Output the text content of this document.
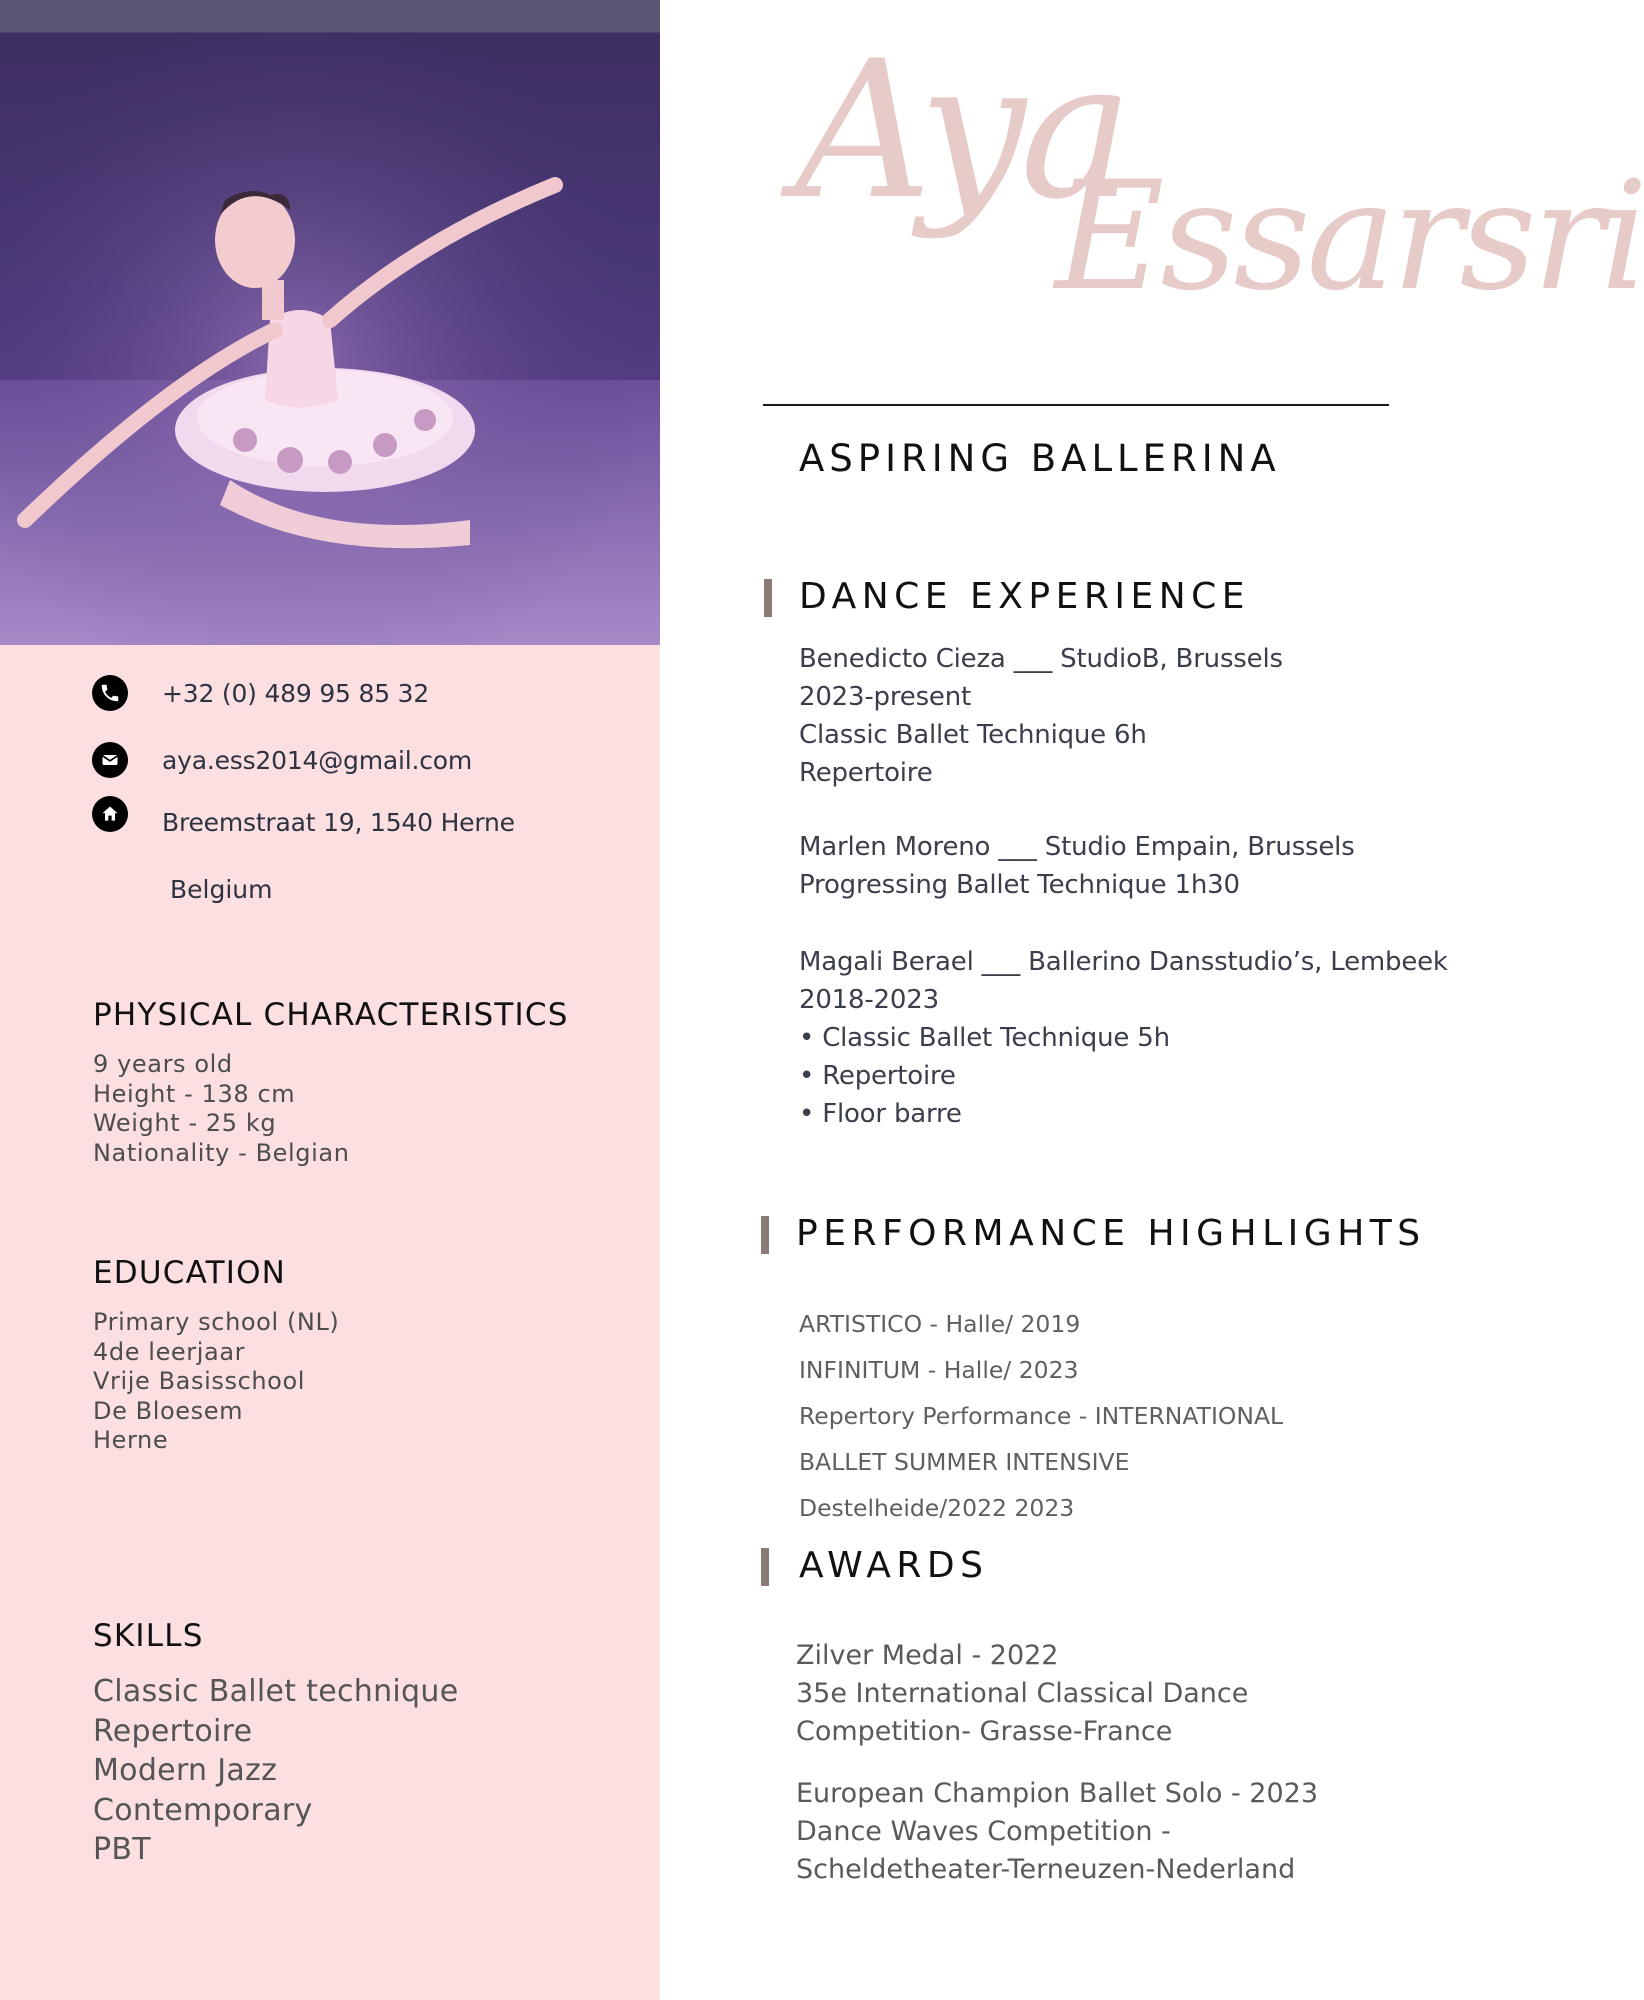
+32 (0) 489 95 85 32
aya.ess2014@gmail.com
Breemstraat 19, 1540 Herne
Belgium
PHYSICAL CHARACTERISTICS
9 years old
Height - 138 cm
Weight - 25 kg
Nationality - Belgian
EDUCATION
Primary school (NL)
4de leerjaar
Vrije Basisschool
De Bloesem
Herne
SKILLS
Classic Ballet technique
Repertoire
Modern Jazz
Contemporary
PBT
Aya
Essarsri
ASPIRING BALLERINA
DANCE EXPERIENCE
Benedicto Cieza ___ StudioB, Brussels
2023-present
Classic Ballet Technique 6h
Repertoire
Marlen Moreno ___ Studio Empain, Brussels
Progressing Ballet Technique 1h30
Magali Berael ___ Ballerino Dansstudio’s, Lembeek
2018-2023
• Classic Ballet Technique 5h
• Repertoire
• Floor barre
PERFORMANCE HIGHLIGHTS
ARTISTICO - Halle/ 2019
INFINITUM - Halle/ 2023
Repertory Performance - INTERNATIONAL
BALLET SUMMER INTENSIVE
Destelheide/2022 2023
AWARDS
Zilver Medal - 2022
35e International Classical Dance
Competition- Grasse-France
European Champion Ballet Solo - 2023
Dance Waves Competition -
Scheldetheater-Terneuzen-Nederland
